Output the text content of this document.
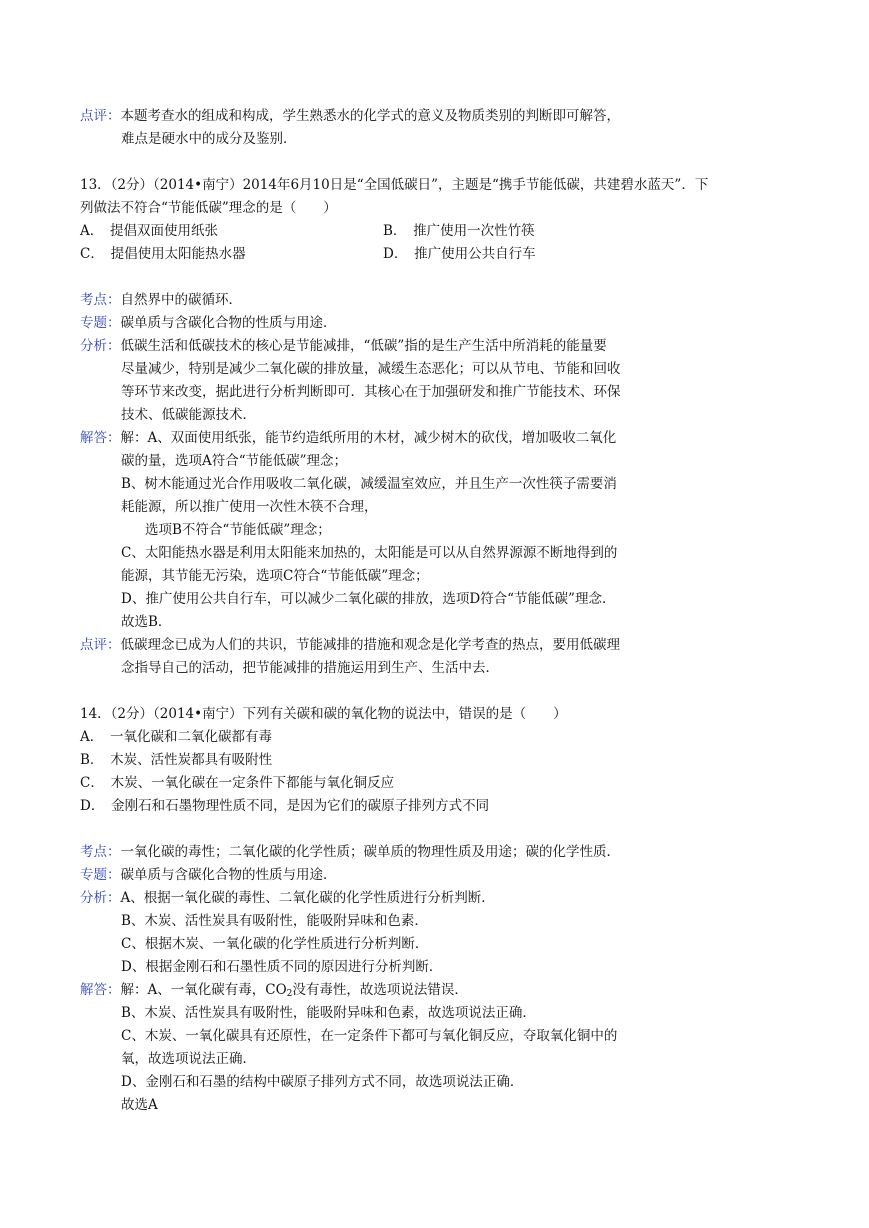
点评：本题考查水的组成和构成，学生熟悉水的化学式的意义及物质类别的判断即可解答，
难点是硬水中的成分及鉴别．
13．（2分）（2014•南宁）2014年6月10日是“全国低碳日”，主题是“携手节能低碳，共建碧水蓝天”．下
列做法不符合“节能低碳”理念的是（　　）
A．　提倡双面使用纸张	B．　推广使用一次性竹筷
C．　提倡使用太阳能热水器	D．　推广使用公共自行车
考点：自然界中的碳循环．
专题：碳单质与含碳化合物的性质与用途．
分析：低碳生活和低碳技术的核心是节能减排，“低碳”指的是生产生活中所消耗的能量要
尽量减少，特别是减少二氧化碳的排放量，减缓生态恶化；可以从节电、节能和回收
等环节来改变，据此进行分析判断即可．其核心在于加强研发和推广节能技术、环保
技术、低碳能源技术．
解答：解：A、双面使用纸张，能节约造纸所用的木材，减少树木的砍伐，增加吸收二氧化
碳的量，选项A符合“节能低碳”理念；
B、树木能通过光合作用吸收二氧化碳，减缓温室效应，并且生产一次性筷子需要消
耗能源，所以推广使用一次性木筷不合理，
选项B不符合“节能低碳”理念；
C、太阳能热水器是利用太阳能来加热的，太阳能是可以从自然界源源不断地得到的
能源，其节能无污染，选项C符合“节能低碳”理念；
D、推广使用公共自行车，可以减少二氧化碳的排放，选项D符合“节能低碳”理念．
故选B．
点评：低碳理念已成为人们的共识，节能减排的措施和观念是化学考查的热点，要用低碳理
念指导自己的活动，把节能减排的措施运用到生产、生活中去．
14．（2分）（2014•南宁）下列有关碳和碳的氧化物的说法中，错误的是（　　）
A．　一氧化碳和二氧化碳都有毒
B．　木炭、活性炭都具有吸附性
C．　木炭、一氧化碳在一定条件下都能与氧化铜反应
D．　金刚石和石墨物理性质不同，是因为它们的碳原子排列方式不同
考点：一氧化碳的毒性；二氧化碳的化学性质；碳单质的物理性质及用途；碳的化学性质．
专题：碳单质与含碳化合物的性质与用途．
分析：A、根据一氧化碳的毒性、二氧化碳的化学性质进行分析判断．
B、木炭、活性炭具有吸附性，能吸附异味和色素．
C、根据木炭、一氧化碳的化学性质进行分析判断．
D、根据金刚石和石墨性质不同的原因进行分析判断．
解答：解：A、一氧化碳有毒，$CO_2$没有毒性，故选项说法错误．
B、木炭、活性炭具有吸附性，能吸附异味和色素，故选项说法正确．
C、木炭、一氧化碳具有还原性，在一定条件下都可与氧化铜反应，夺取氧化铜中的
氧，故选项说法正确．
D、金刚石和石墨的结构中碳原子排列方式不同，故选项说法正确．
故选A
